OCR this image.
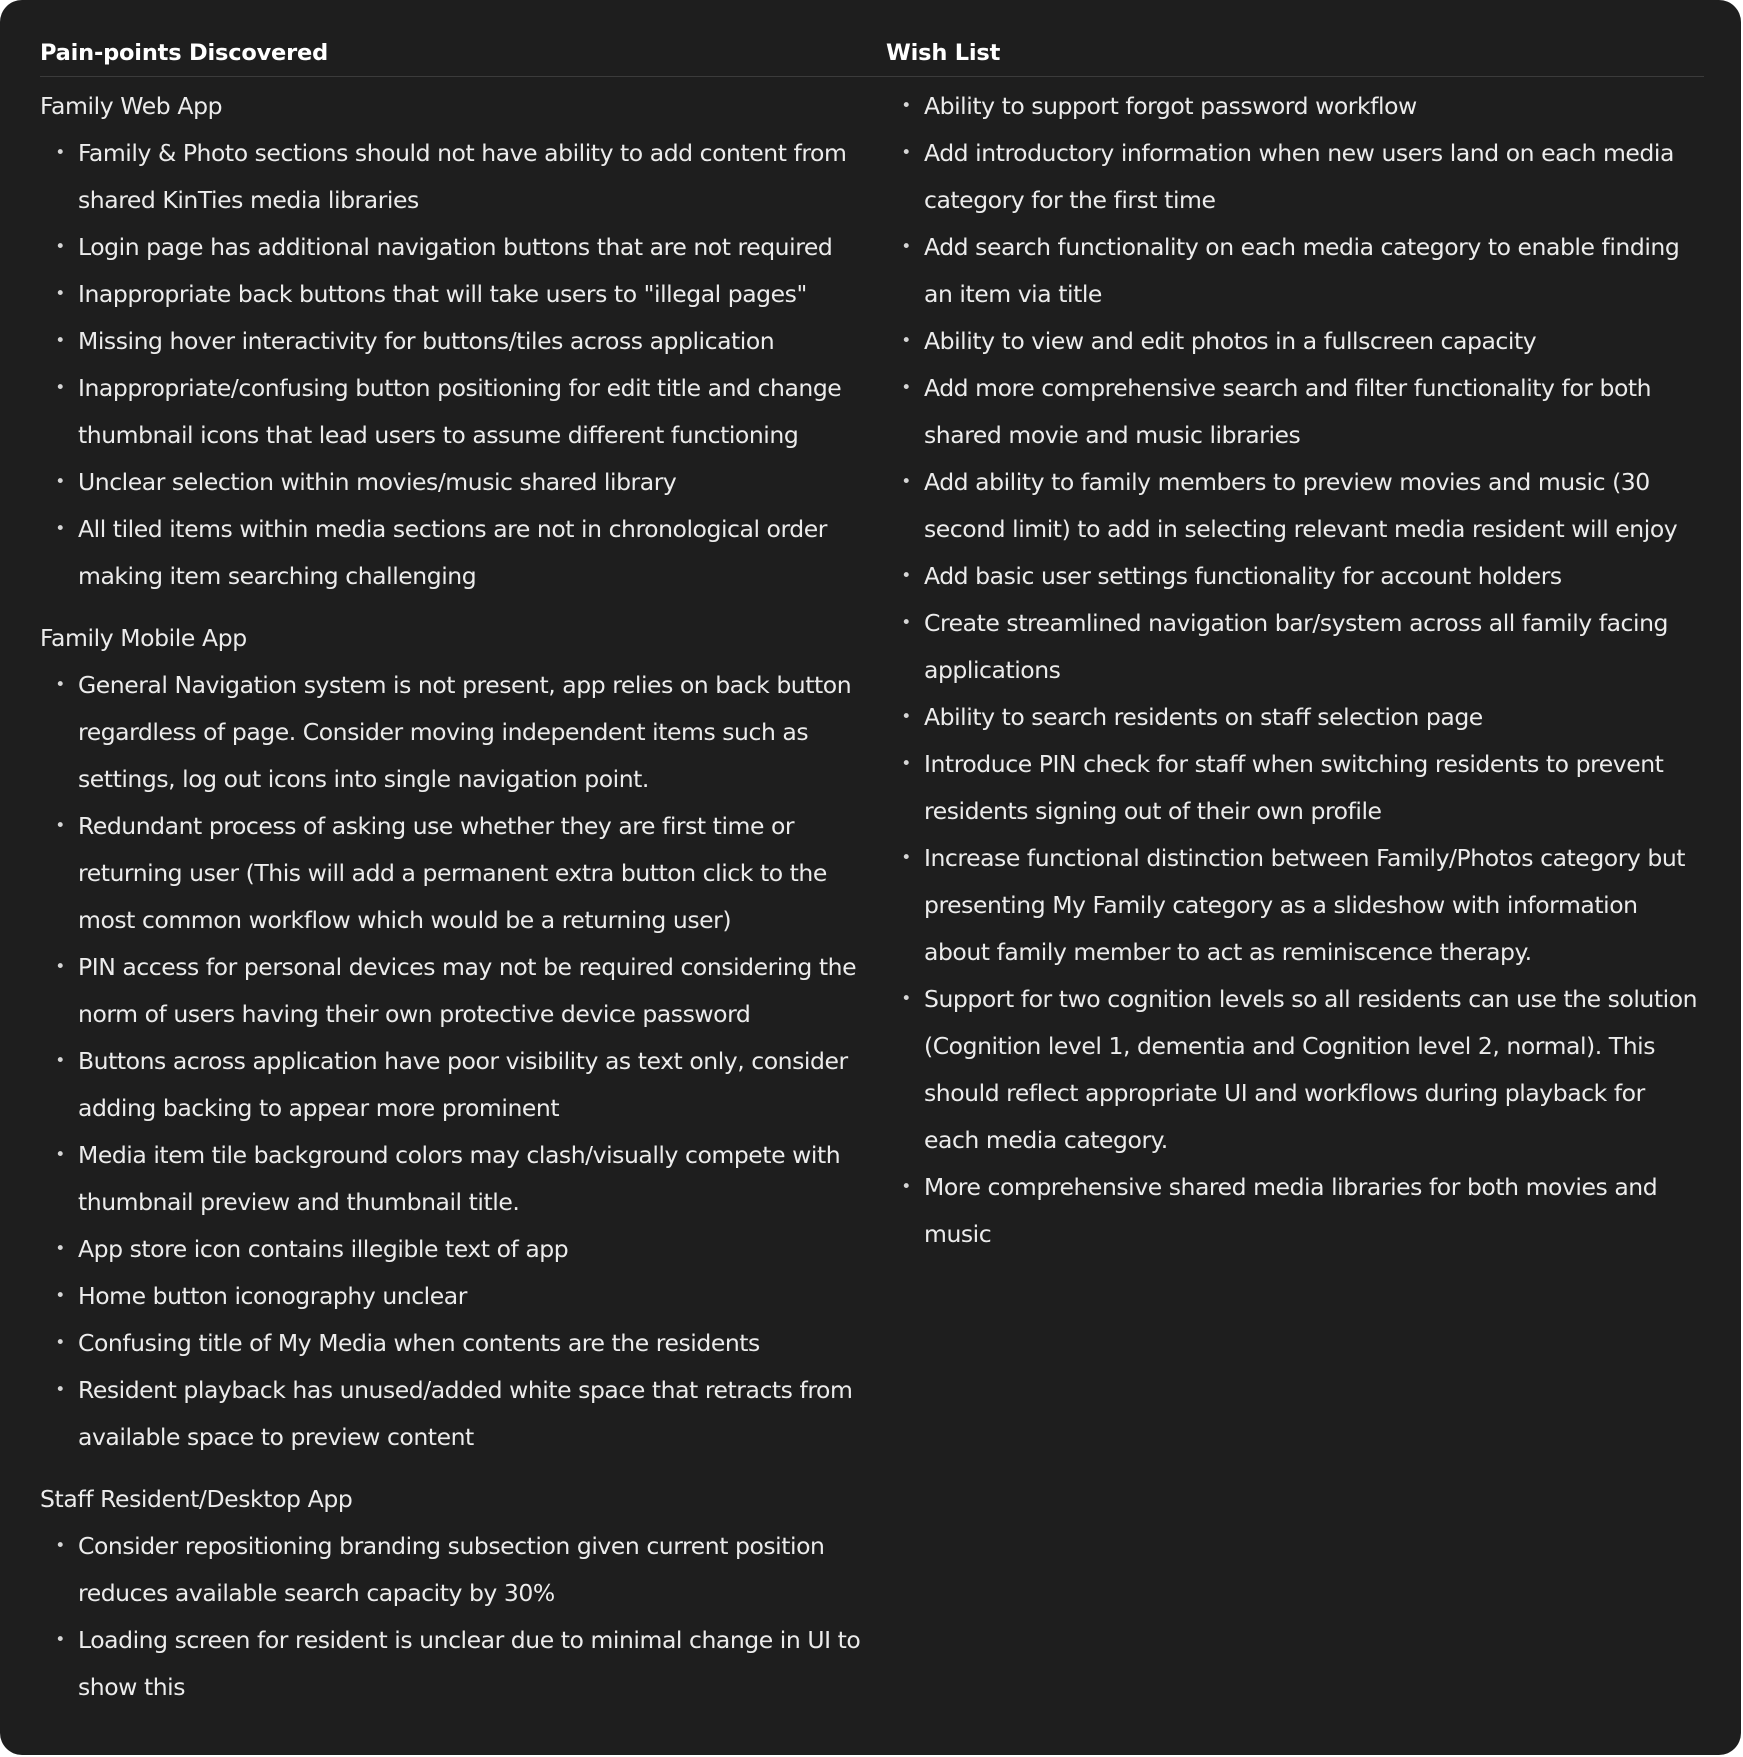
Pain-points Discovered
Family Web App
• Family & Photo sections should not have ability to add content from shared KinTies media libraries
• Login page has additional navigation buttons that are not required
• Inappropriate back buttons that will take users to "illegal pages"
• Missing hover interactivity for buttons/tiles across application
• Inappropriate/confusing button positioning for edit title and change thumbnail icons that lead users to assume different functioning
• Unclear selection within movies/music shared library
• All tiled items within media sections are not in chronological order making item searching challenging
Family Mobile App
• General Navigation system is not present, app relies on back button regardless of page. Consider moving independent items such as settings, log out icons into single navigation point.
• Redundant process of asking use whether they are first time or returning user (This will add a permanent extra button click to the most common workflow which would be a returning user)
• PIN access for personal devices may not be required considering the norm of users having their own protective device password
• Buttons across application have poor visibility as text only, consider adding backing to appear more prominent
• Media item tile background colors may clash/visually compete with thumbnail preview and thumbnail title.
• App store icon contains illegible text of app
• Home button iconography unclear
• Confusing title of My Media when contents are the residents
• Resident playback has unused/added white space that retracts from available space to preview content
Staff Resident/Desktop App
• Consider repositioning branding subsection given current position reduces available search capacity by 30%
• Loading screen for resident is unclear due to minimal change in UI to show this
Wish List
• Ability to support forgot password workflow
• Add introductory information when new users land on each media category for the first time
• Add search functionality on each media category to enable finding an item via title
• Ability to view and edit photos in a fullscreen capacity
• Add more comprehensive search and filter functionality for both shared movie and music libraries
• Add ability to family members to preview movies and music (30 second limit) to add in selecting relevant media resident will enjoy
• Add basic user settings functionality for account holders
• Create streamlined navigation bar/system across all family facing applications
• Ability to search residents on staff selection page
• Introduce PIN check for staff when switching residents to prevent residents signing out of their own profile
• Increase functional distinction between Family/Photos category but presenting My Family category as a slideshow with information about family member to act as reminiscence therapy.
• Support for two cognition levels so all residents can use the solution (Cognition level 1, dementia and Cognition level 2, normal). This should reflect appropriate UI and workflows during playback for each media category.
• More comprehensive shared media libraries for both movies and music
